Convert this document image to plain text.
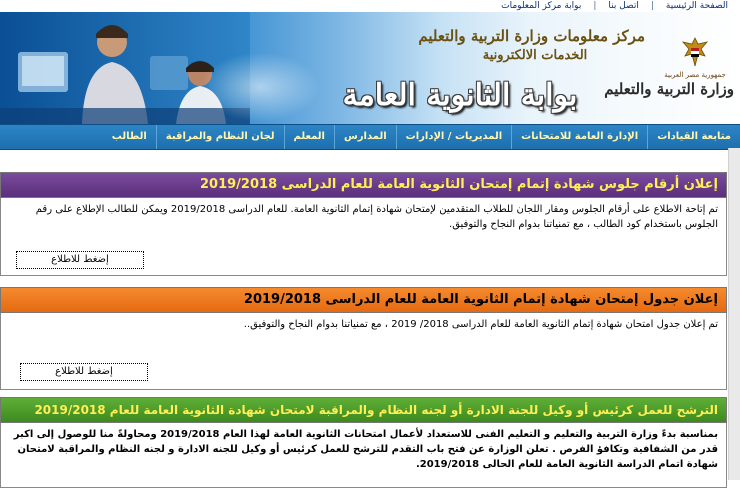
الصفحة الرئيسية
|
اتصل بنا
|
بوابة مركز المعلومات
مركز معلومات وزارة التربية والتعليم
الخدمات الالكترونية
بوابة الثانوية العامة
جمهورية مصر العربية
وزارة التربية والتعليم
متابعة القيادات
الإدارة العامة للامتحانات
المديريات / الإدارات
المدارس
المعلم
لجان النظام والمراقبة
الطالب
إعلان أرقام جلوس شهادة إتمام إمتحان الثانوية العامة للعام الدراسى 2019/2018
تم إتاحة الاطلاع على أرقام الجلوس ومقار اللجان للطلاب المتقدمين لإمتحان شهادة إتمام الثانوية العامة. للعام الدراسى 2019/2018 ويمكن للطالب الإطلاع على رقم الجلوس باستخدام كود الطالب ، مع تمنياتنا بدوام النجاح والتوفيق.
إضغط للاطلاع
إعلان جدول إمتحان شهادة إتمام الثانوية العامة للعام الدراسى 2019/2018
تم إعلان جدول امتحان شهادة إتمام الثانوية العامة للعام الدراسى 2018/ 2019 ، مع تمنياتنا بدوام النجاح والتوفيق..
إضغط للاطلاع
الترشح للعمل كرئيس أو وكيل للجنة الادارة أو لجنه النظام والمراقبة لامتحان شهادة الثانوية العامة للعام 2019/2018
بمناسبة بدءً وزارة التربية والتعليم و التعليم الفنى للاستعداد لأعمال امتحانات الثانوية العامة لهذا العام 2019/2018 ومحاولةً منا للوصول إلى اكبر قدر من الشفافية وتكافؤ الفرص . تعلن الوزارة عن فتح باب التقدم للترشح للعمل كرئيس أو وكيل للجنه الادارة و لجنه النظام والمراقبة لامتحان شهادة اتمام الدراسة الثانوية العامة للعام الحالى 2019/2018.
